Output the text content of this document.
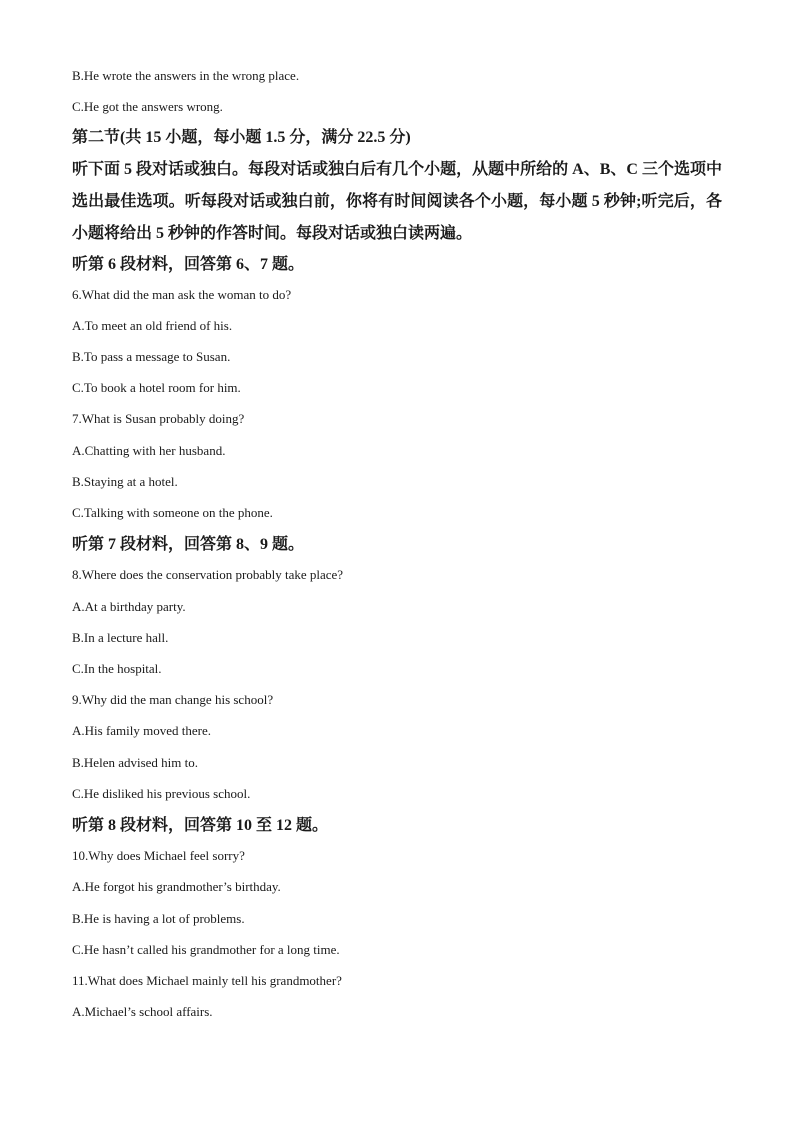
B.He wrote the answers in the wrong place.
C.He got the answers wrong.
第二节(共 15 小题，每小题 1.5 分，满分 22.5 分)
听下面 5 段对话或独白。每段对话或独白后有几个小题，从题中所给的 A、B、C 三个选项中选出最佳选项。听每段对话或独白前，你将有时间阅读各个小题，每小题 5 秒钟;听完后，各小题将给出 5 秒钟的作答时间。每段对话或独白读两遍。
听第 6 段材料，回答第 6、7 题。
6.What did the man ask the woman to do?
A.To meet an old friend of his.
B.To pass a message to Susan.
C.To book a hotel room for him.
7.What is Susan probably doing?
A.Chatting with her husband.
B.Staying at a hotel.
C.Talking with someone on the phone.
听第 7 段材料，回答第 8、9 题。
8.Where does the conservation probably take place?
A.At a birthday party.
B.In a lecture hall.
C.In the hospital.
9.Why did the man change his school?
A.His family moved there.
B.Helen advised him to.
C.He disliked his previous school.
听第 8 段材料，回答第 10 至 12 题。
10.Why does Michael feel sorry?
A.He forgot his grandmother’s birthday.
B.He is having a lot of problems.
C.He hasn’t called his grandmother for a long time.
11.What does Michael mainly tell his grandmother?
A.Michael’s school affairs.
